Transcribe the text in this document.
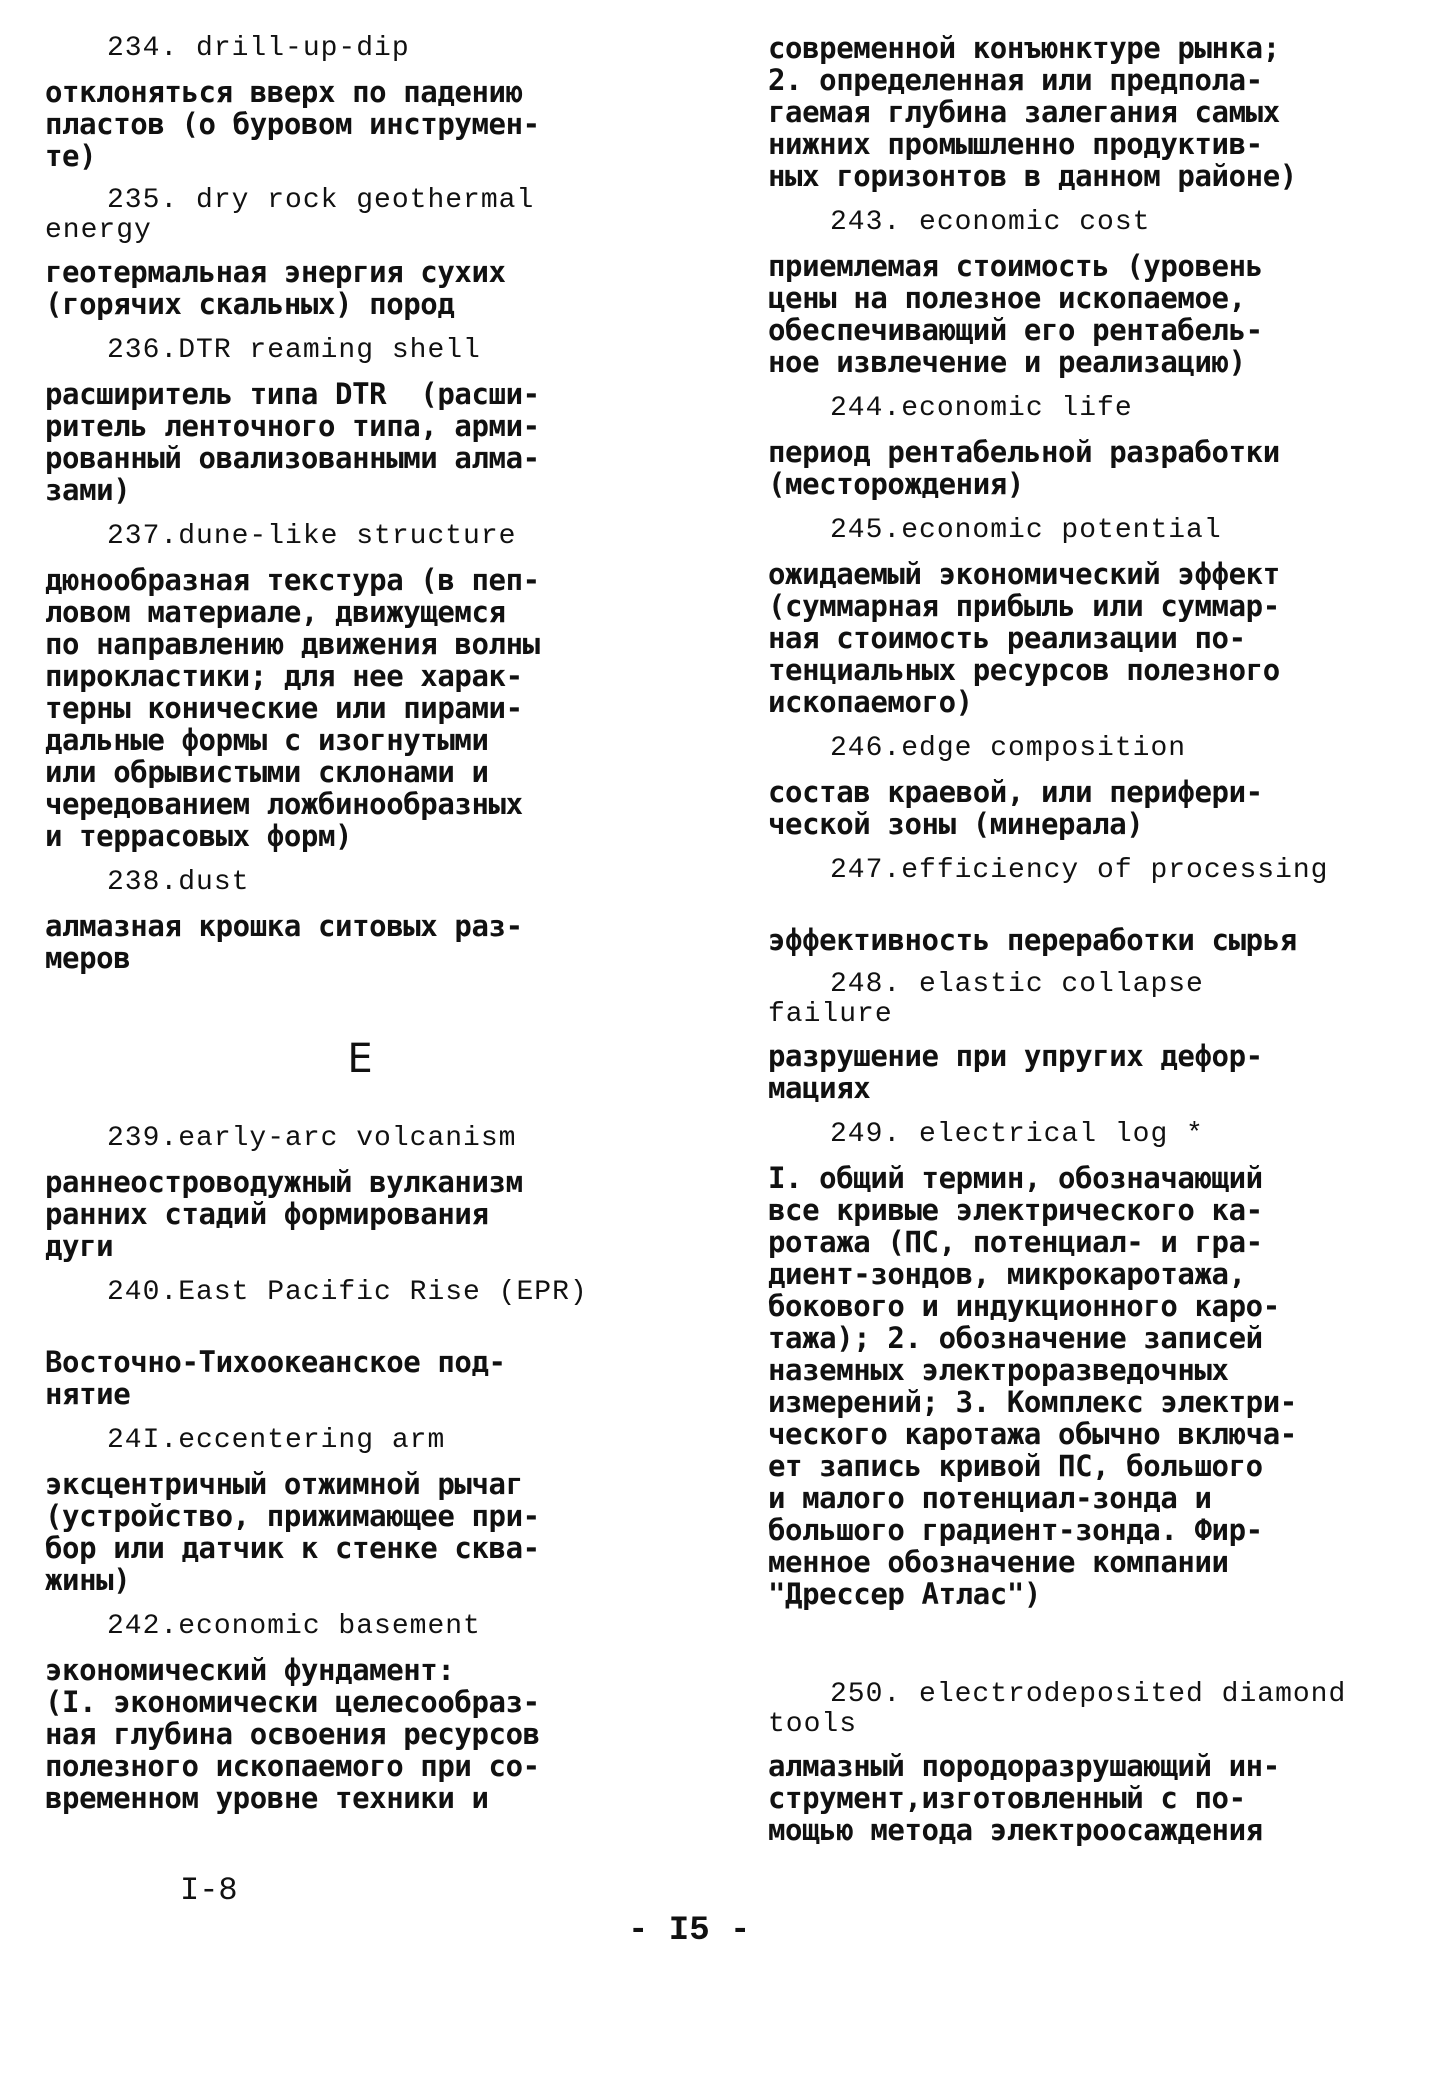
234. drill-up-dip
отклоняться вверх по падению
пластов (о буровом инструмен-
те)
235. dry rock geothermal
energy
геотермальная энергия сухих
(горячих скальных) пород
236.DTR reaming shell
расширитель типа DTR  (расши-
ритель ленточного типа, арми-
рованный овализованными алма-
зами)
237.dune-like structure
дюнообразная текстура (в пеп-
ловом материале, движущемся
по направлению движения волны
пирокластики; для нее харак-
терны конические или пирами-
дальные формы с изогнутыми
или обрывистыми склонами и
чередованием ложбинообразных
и террасовых форм)
238.dust
алмазная крошка ситовых раз-
меров
E
239.early-arc volcanism
раннеостроводужный вулканизм
ранних стадий формирования
дуги
240.East Pacific Rise (EPR)
Восточно-Тихоокеанское под-
нятие
24I.eccentering arm
эксцентричный отжимной рычаг
(устройство, прижимающее при-
бор или датчик к стенке сква-
жины)
242.economic basement
экономический фундамент:
(I. экономически целесообраз-
ная глубина освоения ресурсов
полезного ископаемого при со-
временном уровне техники и
современной конъюнктуре рынка;
2. определенная или предпола-
гаемая глубина залегания самых
нижних промышленно продуктив-
ных горизонтов в данном районе)
243. economic cost
приемлемая стоимость (уровень
цены на полезное ископаемое,
обеспечивающий его рентабель-
ное извлечение и реализацию)
244.economic life
период рентабельной разработки
(месторождения)
245.economic potential
ожидаемый экономический эффект
(суммарная прибыль или суммар-
ная стоимость реализации по-
тенциальных ресурсов полезного
ископаемого)
246.edge composition
состав краевой, или перифери-
ческой зоны (минерала)
247.efficiency of processing
эффективность переработки сырья
248. elastic collapse
failure
разрушение при упругих дефор-
мациях
249. electrical log *
I. общий термин, обозначающий
все кривые электрического ка-
ротажа (ПС, потенциал- и гра-
диент-зондов, микрокаротажа,
бокового и индукционного каро-
тажа); 2. обозначение записей
наземных электроразведочных
измерений; 3. Комплекс электри-
ческого каротажа обычно включа-
ет запись кривой ПС, большого
и малого потенциал-зонда и
большого градиент-зонда. Фир-
менное обозначение компании
"Дрессер Атлас")
250. electrodeposited diamond
tools
алмазный породоразрушающий ин-
струмент,изготовленный с по-
мощью метода электроосаждения
I-8
- I5 -
